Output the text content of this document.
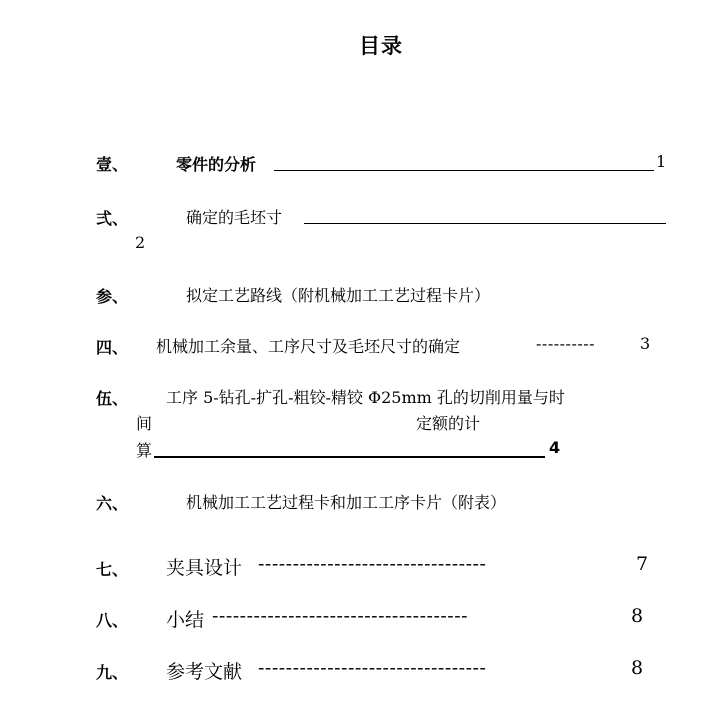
目录
壹、	零件的分析	1
弍、	确定的毛坯寸
2
参、	拟定工艺路线（附机械加工工艺过程卡片）
四、 机械加工余量、工序尺寸及毛坯尺寸的确定	----------	3
伍、 工序 5-钻孔-扩孔-粗铰-精铰 Φ25mm 孔的切削用量与时
间	定额的计
算	4
六、	机械加工工艺过程卡和加工工序卡片（附表）
七、 夹具设计 ---------------------------------	7
八、 小结 -------------------------------------	8
九、 参考文献 ---------------------------------	8
